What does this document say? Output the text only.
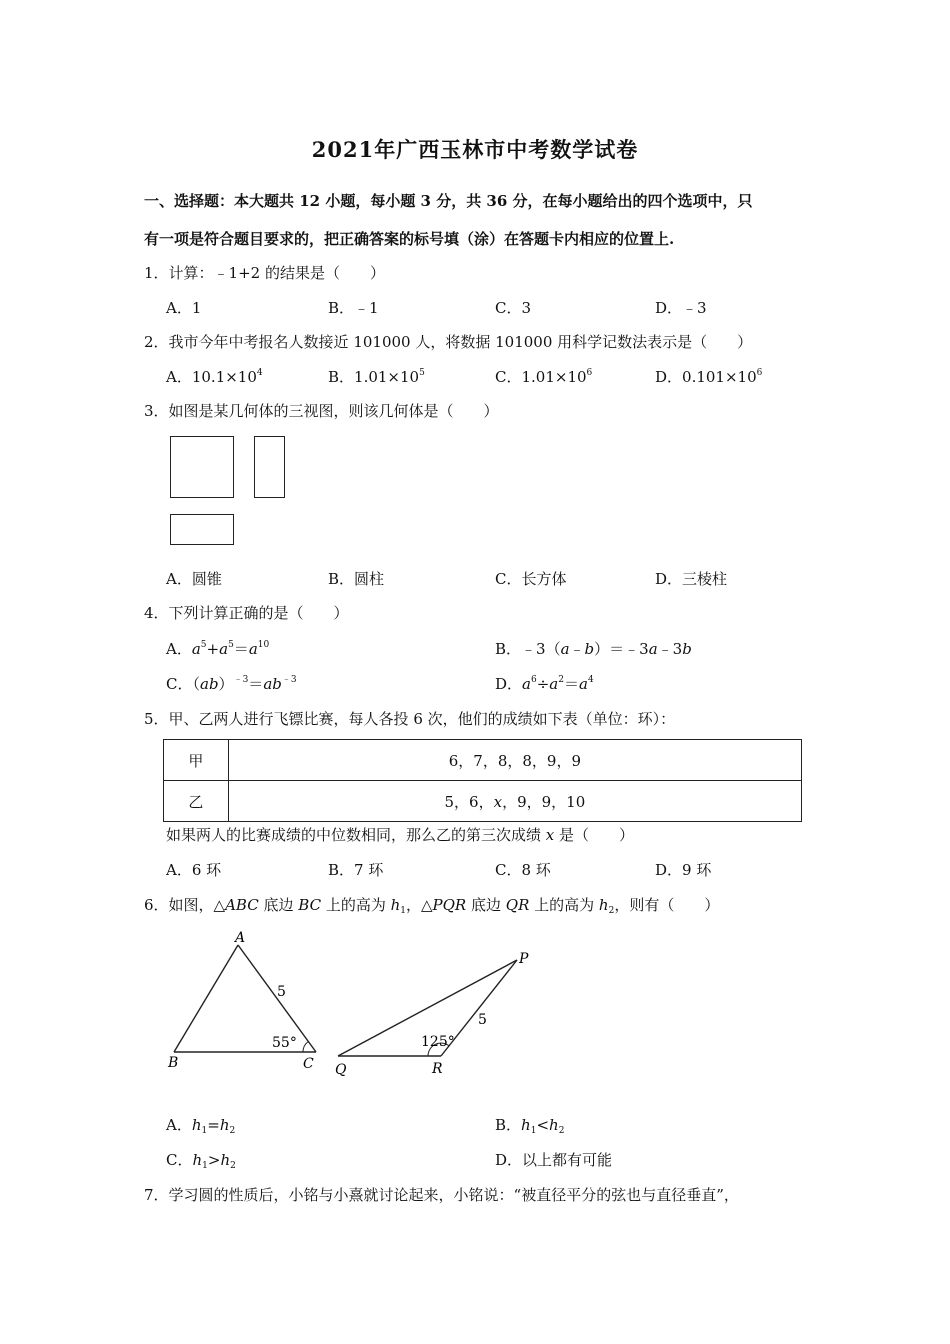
2021年广西玉林市中考数学试卷
一、选择题：本大题共 12 小题，每小题 3 分，共 36 分，在每小题给出的四个选项中，只
有一项是符合题目要求的，把正确答案的标号填（涂）在答题卡内相应的位置上.
1．计算：﹣1+2 的结果是（　　）
A．1	B．﹣1	C．3	D．﹣3
2．我市今年中考报名人数接近 101000 人，将数据 101000 用科学记数法表示是（　　）
A．$10.1\times 10^4$	B．$1.01\times 10^5$	C．$1.01\times 10^6$	D．$0.101\times 10^6$
3．如图是某几何体的三视图，则该几何体是（　　）
A．圆锥	B．圆柱	C．长方体	D．三棱柱
4．下列计算正确的是（　　）
A．$a^5+a^5=a^{10}$	B．﹣3（a﹣b）＝﹣3a﹣3b
C．$(ab)^{﹣3}=ab^{﹣3}$	D．$a^6\div a^2=a^4$
5．甲、乙两人进行飞镖比赛，每人各投 6 次，他们的成绩如下表（单位：环）：
甲	6，7，8，8，9，9
乙	5，6，x，9，9，10
如果两人的比赛成绩的中位数相同，那么乙的第三次成绩 x 是（　　）
A．6 环	B．7 环	C．8 环	D．9 环
6．如图，△ABC 底边 BC 上的高为 $h_1$，△PQR 底边 QR 上的高为 $h_2$，则有（　　）
A
B	C
5
55°
P
Q	R
5
125°
A．$h_1=h_2$	B．$h_1<h_2$
C．$h_1>h_2$	D．以上都有可能
7．学习圆的性质后，小铭与小熹就讨论起来，小铭说：“被直径平分的弦也与直径垂直”，
